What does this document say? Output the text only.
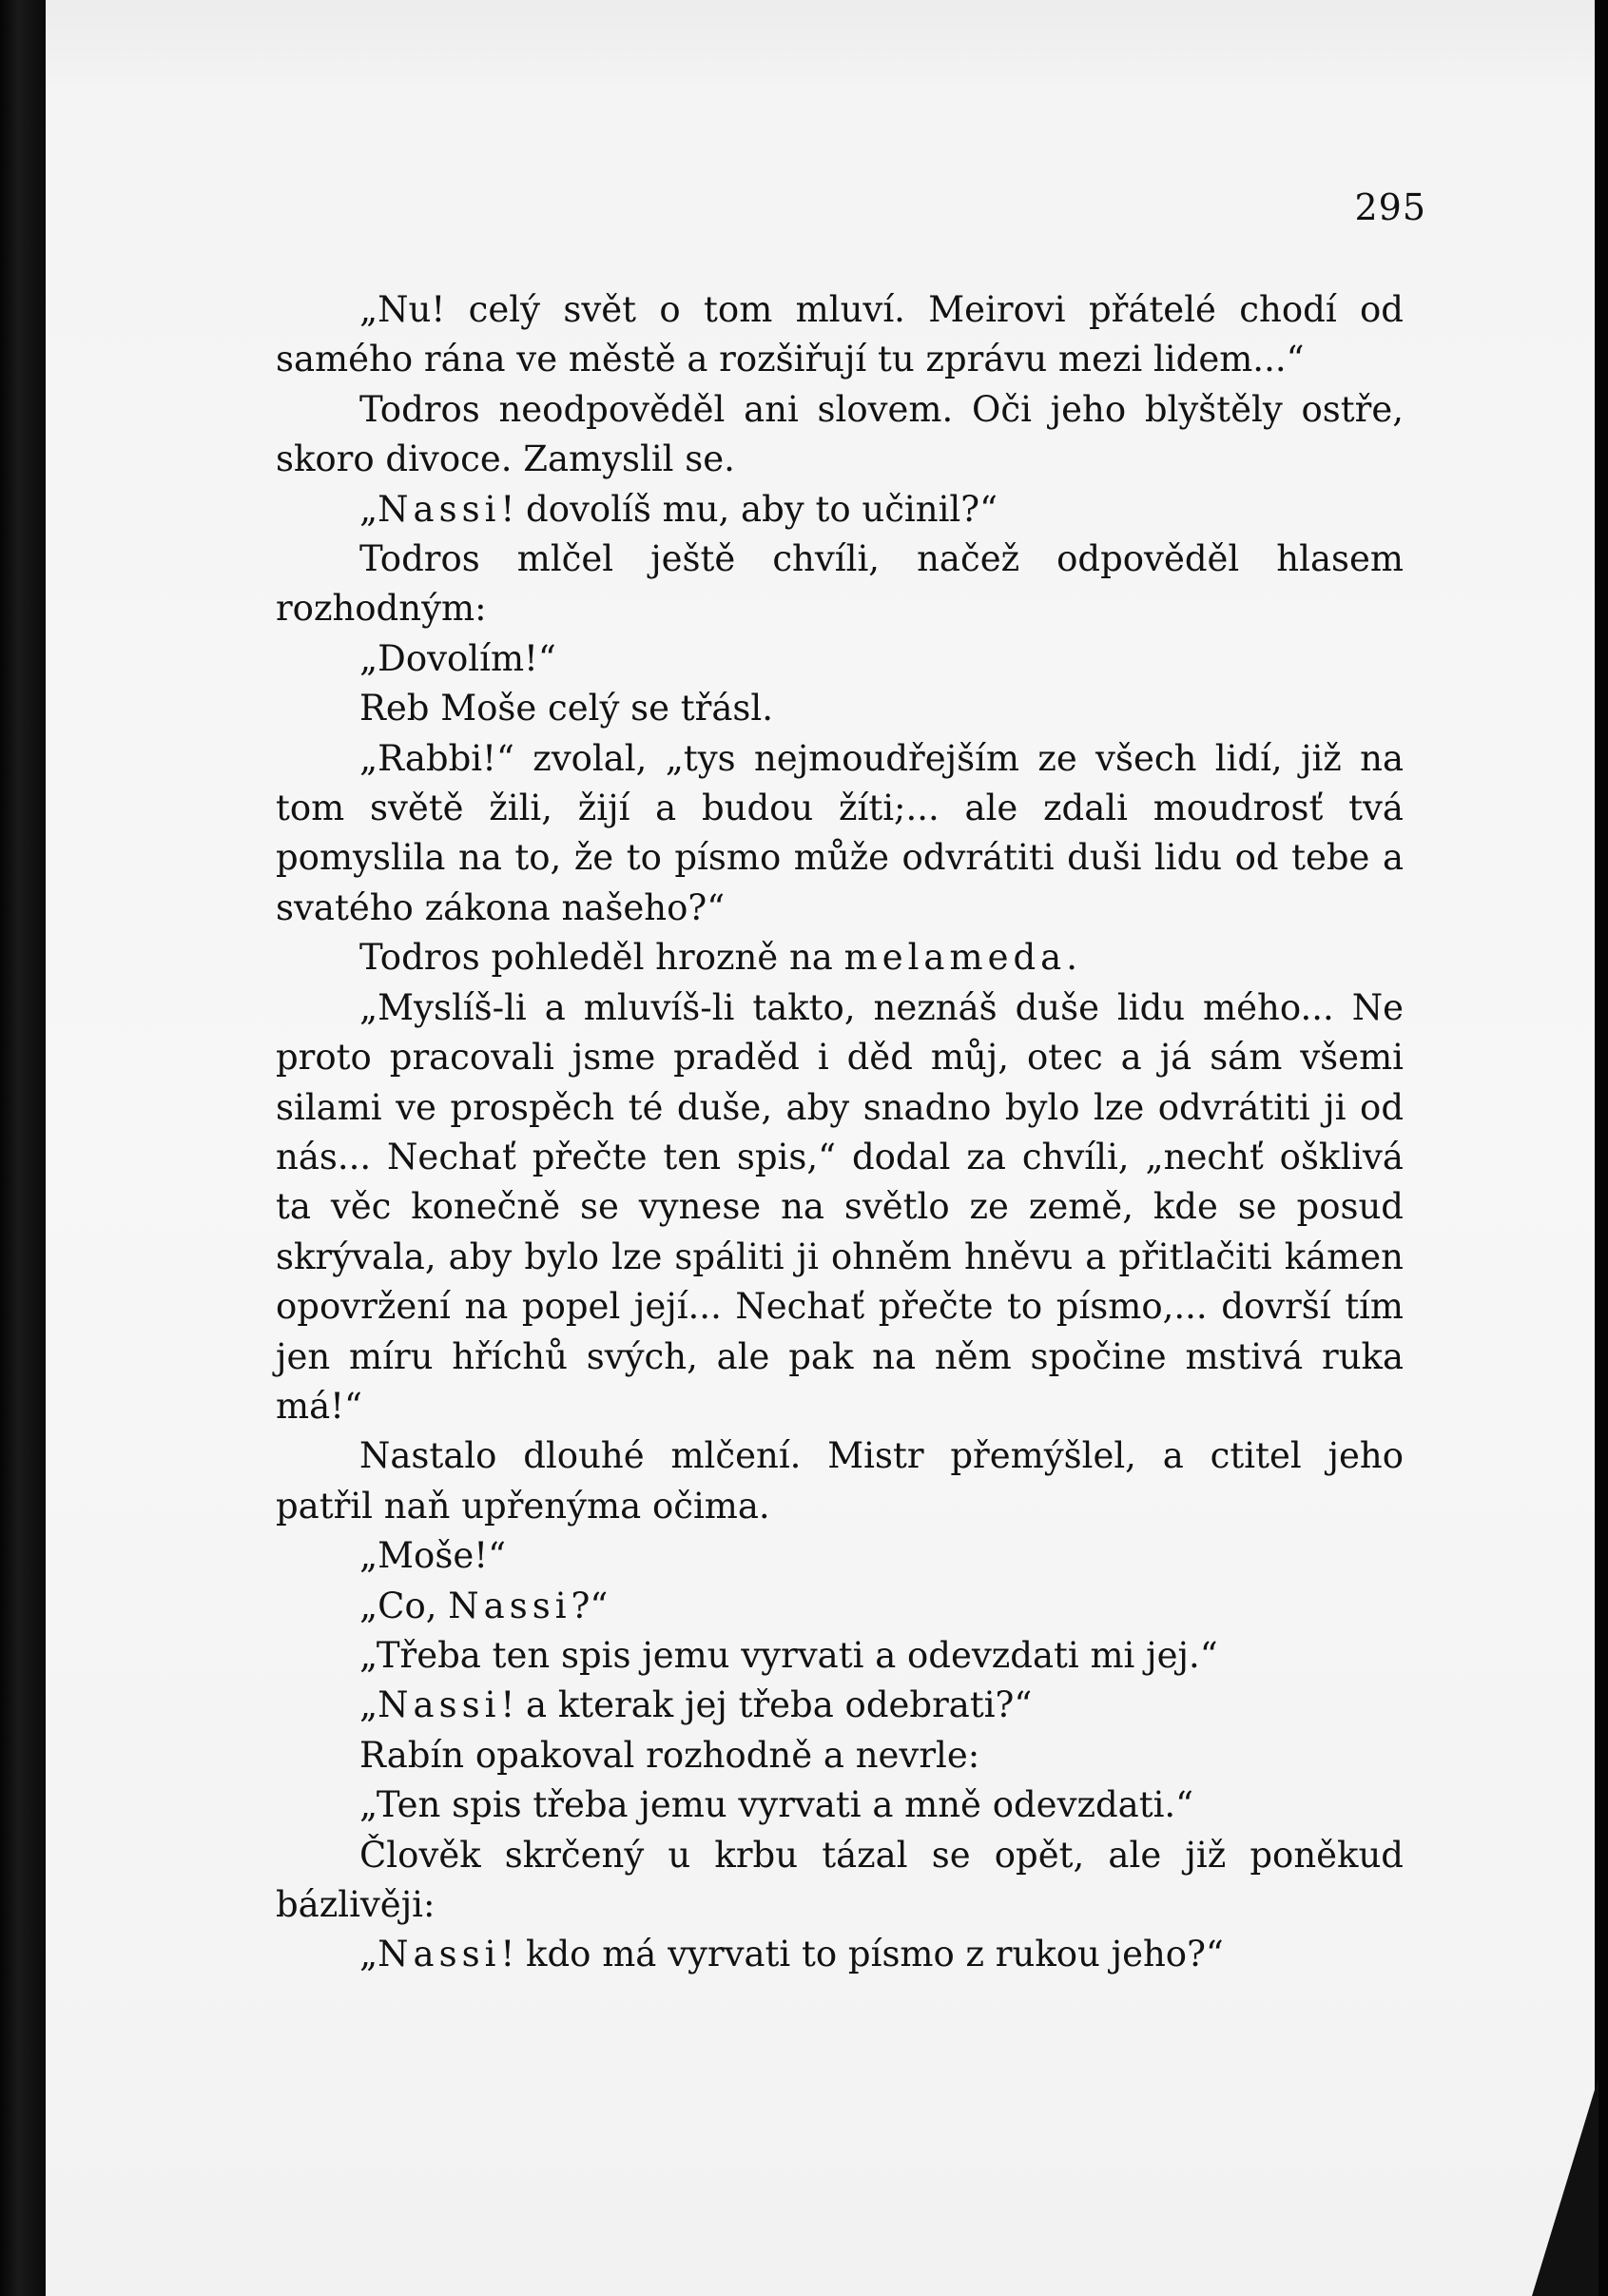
295

„Nu! celý svět o tom mluví. Meirovi přátelé chodí od samého rána ve městě a rozšiřují tu zprávu mezi lidem...“

Todros neodpověděl ani slovem. Oči jeho blyštěly ostře, skoro divoce. Zamyslil se.

„Nassi! dovolíš mu, aby to učinil?“

Todros mlčel ještě chvíli, načež odpověděl hlasem rozhodným:

„Dovolím!“

Reb Moše celý se třásl.

„Rabbi!“ zvolal, „tys nejmoudřejším ze všech lidí, již na tom světě žili, žijí a budou žíti;... ale zdali moudrosť tvá pomyslila na to, že to písmo může odvrátiti duši lidu od tebe a svatého zákona našeho?“

Todros pohleděl hrozně na melameda.

„Myslíš-li a mluvíš-li takto, neznáš duše lidu mého... Ne proto pracovali jsme praděd i děd můj, otec a já sám všemi silami ve prospěch té duše, aby snadno bylo lze odvrátiti ji od nás... Nechať přečte ten spis,“ dodal za chvíli, „nechť ošklivá ta věc konečně se vynese na světlo ze země, kde se posud skrývala, aby bylo lze spáliti ji ohněm hněvu a přitlačiti kámen opovržení na popel její... Nechať přečte to písmo,... dovrší tím jen míru hříchů svých, ale pak na něm spočine mstivá ruka má!“

Nastalo dlouhé mlčení. Mistr přemýšlel, a ctitel jeho patřil naň upřenýma očima.

„Moše!“

„Co, Nassi?“

„Třeba ten spis jemu vyrvati a odevzdati mi jej.“

„Nassi! a kterak jej třeba odebrati?“

Rabín opakoval rozhodně a nevrle:

„Ten spis třeba jemu vyrvati a mně odevzdati.“

Člověk skrčený u krbu tázal se opět, ale již poněkud bázlivěji:

„Nassi! kdo má vyrvati to písmo z rukou jeho?“
